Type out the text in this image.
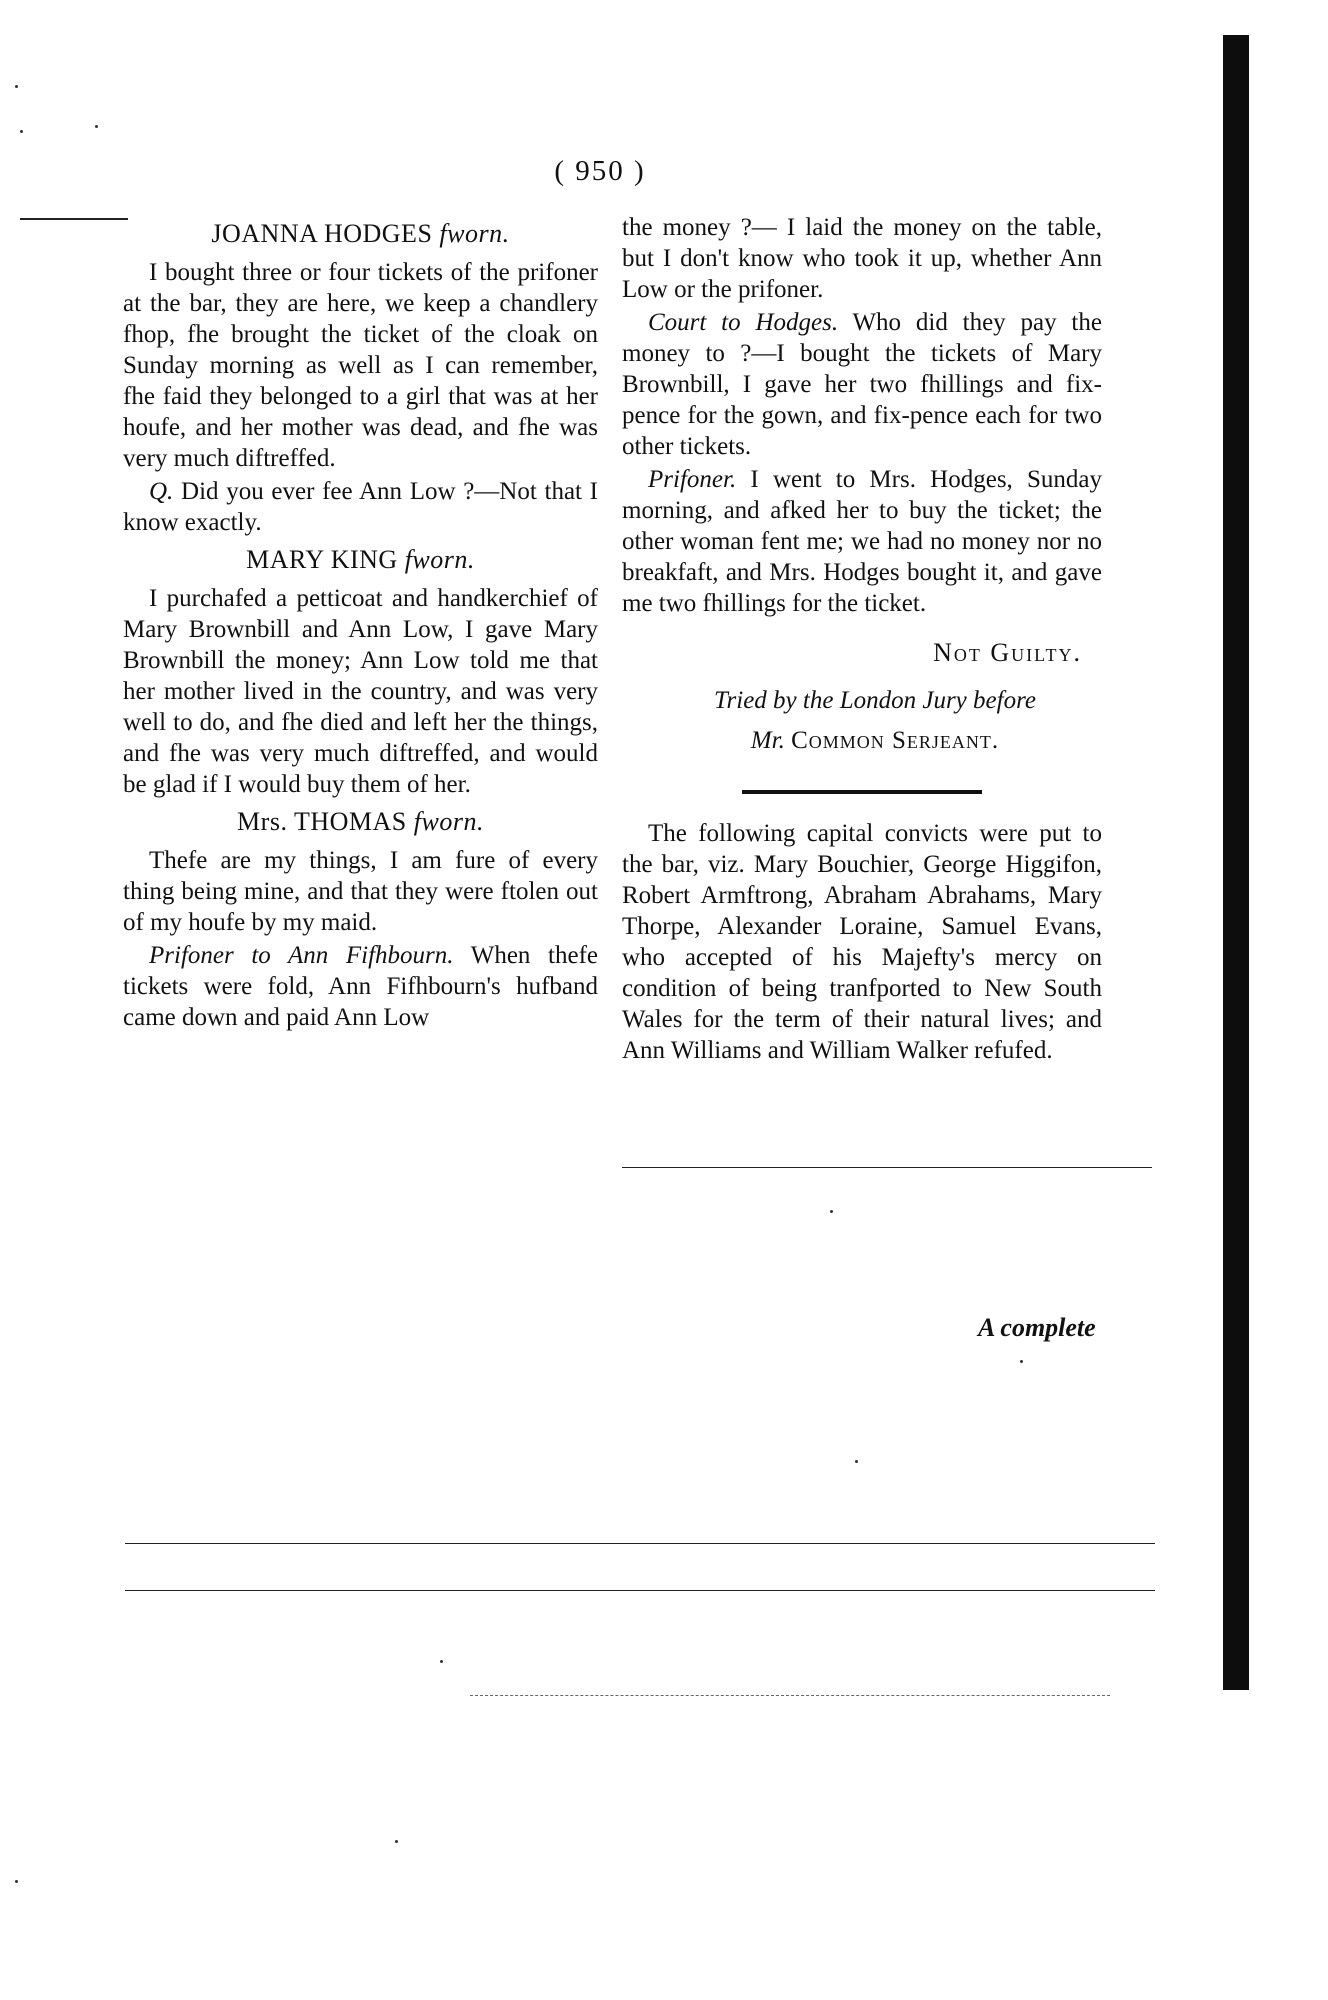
( 950 )
JOANNA HODGES fworn.

I bought three or four tickets of the prifoner at the bar, they are here, we keep a chandlery fhop, fhe brought the ticket of the cloak on Sunday morning as well as I can remember, fhe faid they belonged to a girl that was at her houfe, and her mother was dead, and fhe was very much diftreffed.

Q. Did you ever fee Ann Low ?—Not that I know exactly.

MARY KING fworn.

I purchafed a petticoat and handkerchief of Mary Brownbill and Ann Low, I gave Mary Brownbill the money; Ann Low told me that her mother lived in the country, and was very well to do, and fhe died and left her the things, and fhe was very much diftreffed, and would be glad if I would buy them of her.

Mrs. THOMAS fworn.

Thefe are my things, I am fure of every thing being mine, and that they were ftolen out of my houfe by my maid.

Prifoner to Ann Fifhbourn. When thefe tickets were fold, Ann Fifhbourn's hufband came down and paid Ann Low

the money ?— I laid the money on the table, but I don't know who took it up, whether Ann Low or the prifoner.

Court to Hodges. Who did they pay the money to ?—I bought the tickets of Mary Brownbill, I gave her two fhillings and fix-pence for the gown, and fix-pence each for two other tickets.

Prifoner. I went to Mrs. Hodges, Sunday morning, and afked her to buy the ticket; the other woman fent me; we had no money nor no breakfaft, and Mrs. Hodges bought it, and gave me two fhillings for the ticket.

Not Guilty.

Tried by the London Jury before

Mr. Common Serjeant.

The following capital convicts were put to the bar, viz. Mary Bouchier, George Higgifon, Robert Armftrong, Abraham Abrahams, Mary Thorpe, Alexander Loraine, Samuel Evans, who accepted of his Majefty's mercy on condition of being tranfported to New South Wales for the term of their natural lives; and Ann Williams and William Walker refufed.

A complete
